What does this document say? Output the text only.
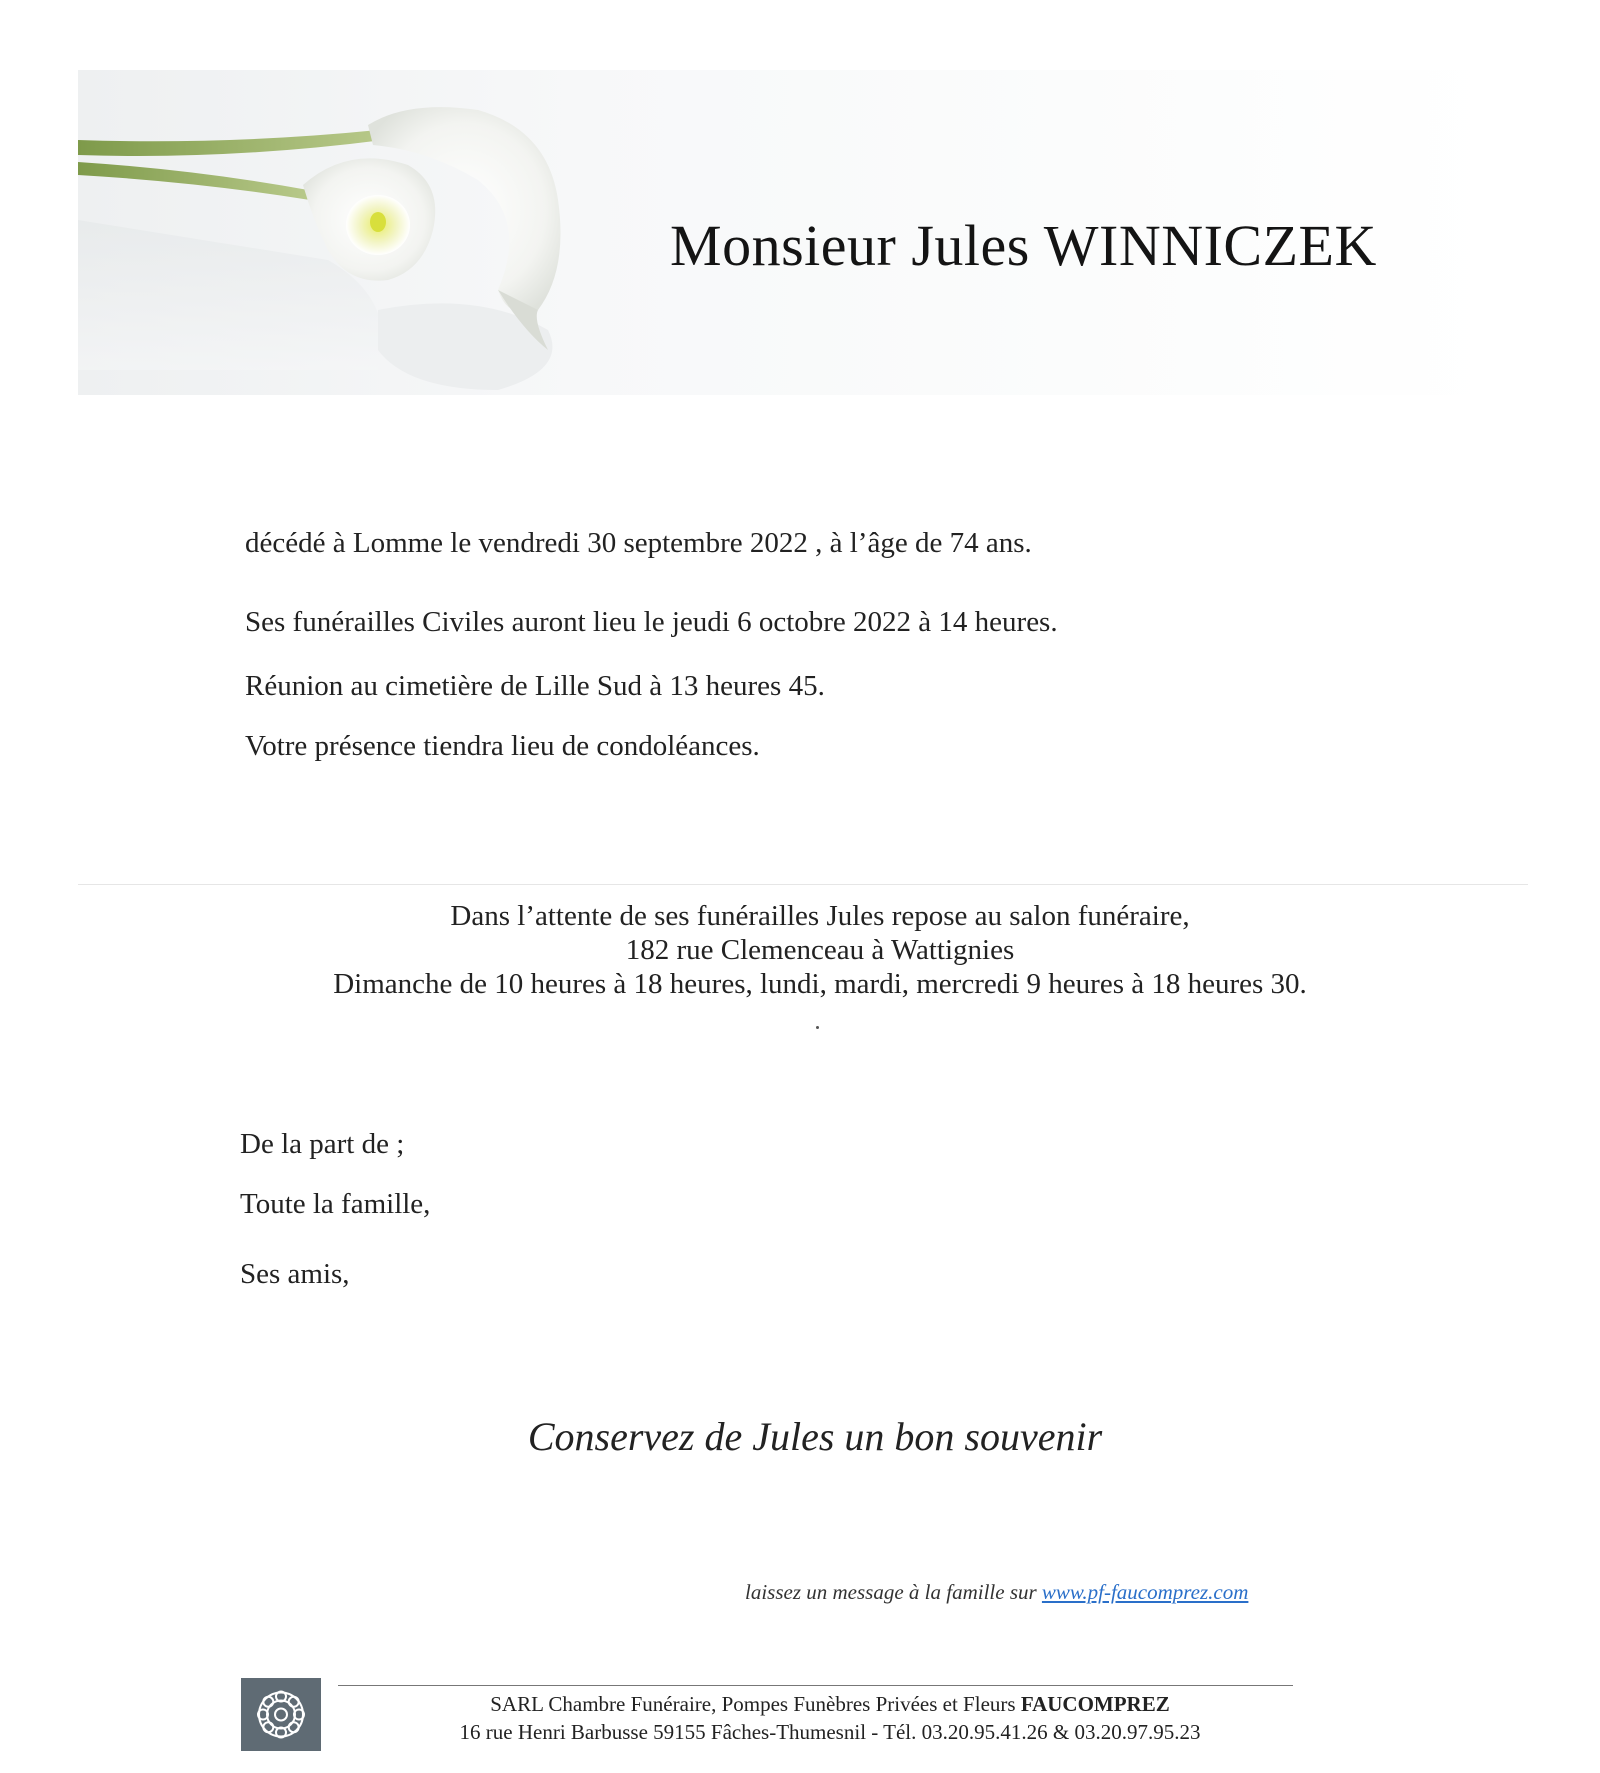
Monsieur Jules WINNICZEK
décédé à Lomme le vendredi 30 septembre 2022 , à l’âge de 74 ans.
Ses funérailles Civiles auront lieu le jeudi 6 octobre 2022 à 14 heures.
Réunion au cimetière de Lille Sud à 13 heures 45.
Votre présence tiendra lieu de condoléances.
Dans l’attente de ses funérailles Jules repose au salon funéraire,
182 rue Clemenceau à Wattignies
Dimanche de 10 heures à 18 heures, lundi, mardi, mercredi 9 heures à 18 heures 30.
De la part de ;
Toute la famille,
Ses amis,
Conservez de Jules un bon souvenir
laissez un message à la famille sur www.pf-faucomprez.com
SARL Chambre Funéraire, Pompes Funèbres Privées et Fleurs FAUCOMPREZ
16 rue Henri Barbusse 59155 Fâches-Thumesnil - Tél. 03.20.95.41.26 & 03.20.97.95.23
